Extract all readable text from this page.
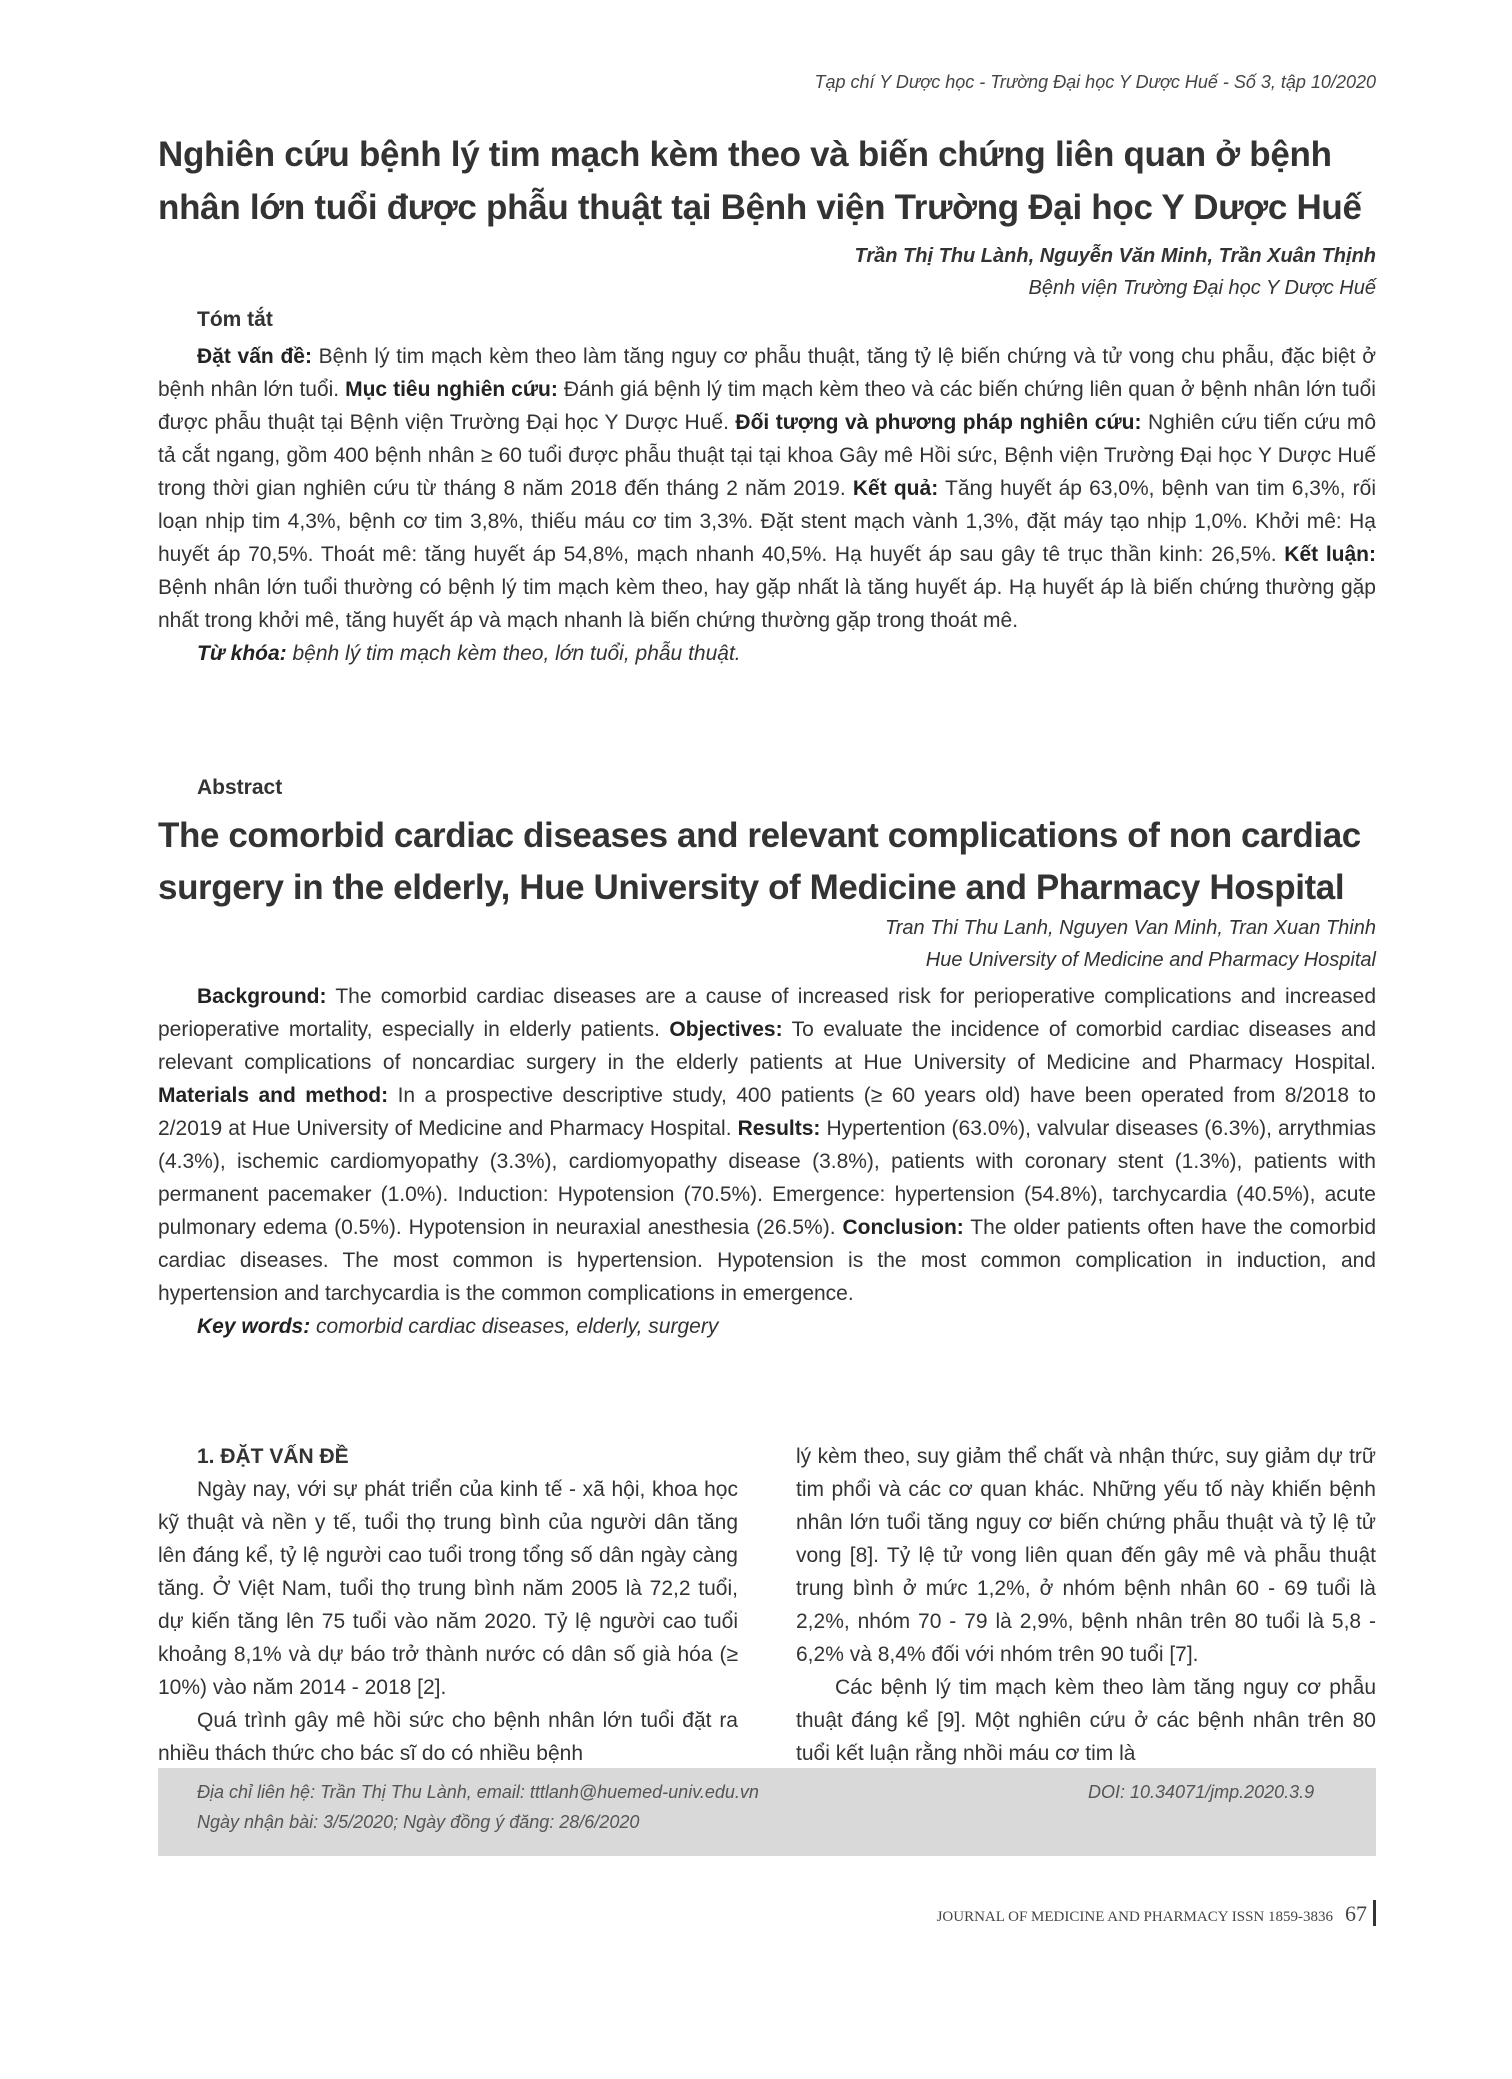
Tạp chí Y Dược học - Trường Đại học Y Dược Huế - Số 3, tập 10/2020
Nghiên cứu bệnh lý tim mạch kèm theo và biến chứng liên quan ở bệnh nhân lớn tuổi được phẫu thuật tại Bệnh viện Trường Đại học Y Dược Huế
Trần Thị Thu Lành, Nguyễn Văn Minh, Trần Xuân Thịnh
Bệnh viện Trường Đại học Y Dược Huế
Tóm tắt

Đặt vấn đề: Bệnh lý tim mạch kèm theo làm tăng nguy cơ phẫu thuật, tăng tỷ lệ biến chứng và tử vong chu phẫu, đặc biệt ở bệnh nhân lớn tuổi. Mục tiêu nghiên cứu: Đánh giá bệnh lý tim mạch kèm theo và các biến chứng liên quan ở bệnh nhân lớn tuổi được phẫu thuật tại Bệnh viện Trường Đại học Y Dược Huế. Đối tượng và phương pháp nghiên cứu: Nghiên cứu tiến cứu mô tả cắt ngang, gồm 400 bệnh nhân ≥ 60 tuổi được phẫu thuật tại tại khoa Gây mê Hồi sức, Bệnh viện Trường Đại học Y Dược Huế trong thời gian nghiên cứu từ tháng 8 năm 2018 đến tháng 2 năm 2019. Kết quả: Tăng huyết áp 63,0%, bệnh van tim 6,3%, rối loạn nhịp tim 4,3%, bệnh cơ tim 3,8%, thiếu máu cơ tim 3,3%. Đặt stent mạch vành 1,3%, đặt máy tạo nhịp 1,0%. Khởi mê: Hạ huyết áp 70,5%. Thoát mê: tăng huyết áp 54,8%, mạch nhanh 40,5%. Hạ huyết áp sau gây tê trục thần kinh: 26,5%. Kết luận: Bệnh nhân lớn tuổi thường có bệnh lý tim mạch kèm theo, hay gặp nhất là tăng huyết áp. Hạ huyết áp là biến chứng thường gặp nhất trong khởi mê, tăng huyết áp và mạch nhanh là biến chứng thường gặp trong thoát mê.

Từ khóa: bệnh lý tim mạch kèm theo, lớn tuổi, phẫu thuật.

Abstract
The comorbid cardiac diseases and relevant complications of non cardiac surgery in the elderly, Hue University of Medicine and Pharmacy Hospital
Tran Thi Thu Lanh, Nguyen Van Minh, Tran Xuan Thinh
Hue University of Medicine and Pharmacy Hospital

Background: The comorbid cardiac diseases are a cause of increased risk for perioperative complications and increased perioperative mortality, especially in elderly patients. Objectives: To evaluate the incidence of comorbid cardiac diseases and relevant complications of noncardiac surgery in the elderly patients at Hue University of Medicine and Pharmacy Hospital. Materials and method: In a prospective descriptive study, 400 patients (≥ 60 years old) have been operated from 8/2018 to 2/2019 at Hue University of Medicine and Pharmacy Hospital. Results: Hypertention (63.0%), valvular diseases (6.3%), arrythmias (4.3%), ischemic cardiomyopathy (3.3%), cardiomyopathy disease (3.8%), patients with coronary stent (1.3%), patients with permanent pacemaker (1.0%). Induction: Hypotension (70.5%). Emergence: hypertension (54.8%), tarchycardia (40.5%), acute pulmonary edema (0.5%). Hypotension in neuraxial anesthesia (26.5%). Conclusion: The older patients often have the comorbid cardiac diseases. The most common is hypertension. Hypotension is the most common complication in induction, and hypertension and tarchycardia is the common complications in emergence.

Key words: comorbid cardiac diseases, elderly, surgery

1. ĐẶT VẤN ĐỀ

Ngày nay, với sự phát triển của kinh tế - xã hội, khoa học kỹ thuật và nền y tế, tuổi thọ trung bình của người dân tăng lên đáng kể, tỷ lệ người cao tuổi trong tổng số dân ngày càng tăng. Ở Việt Nam, tuổi thọ trung bình năm 2005 là 72,2 tuổi, dự kiến tăng lên 75 tuổi vào năm 2020. Tỷ lệ người cao tuổi khoảng 8,1% và dự báo trở thành nước có dân số già hóa (≥ 10%) vào năm 2014 - 2018 [2].

Quá trình gây mê hồi sức cho bệnh nhân lớn tuổi đặt ra nhiều thách thức cho bác sĩ do có nhiều bệnh

lý kèm theo, suy giảm thể chất và nhận thức, suy giảm dự trữ tim phổi và các cơ quan khác. Những yếu tố này khiến bệnh nhân lớn tuổi tăng nguy cơ biến chứng phẫu thuật và tỷ lệ tử vong [8]. Tỷ lệ tử vong liên quan đến gây mê và phẫu thuật trung bình ở mức 1,2%, ở nhóm bệnh nhân 60 - 69 tuổi là 2,2%, nhóm 70 - 79 là 2,9%, bệnh nhân trên 80 tuổi là 5,8 - 6,2% và 8,4% đối với nhóm trên 90 tuổi [7].

Các bệnh lý tim mạch kèm theo làm tăng nguy cơ phẫu thuật đáng kể [9]. Một nghiên cứu ở các bệnh nhân trên 80 tuổi kết luận rằng nhồi máu cơ tim là

Địa chỉ liên hệ: Trần Thị Thu Lành, email: tttlanh@huemed-univ.edu.vn
Ngày nhận bài: 3/5/2020; Ngày đồng ý đăng: 28/6/2020
DOI: 10.34071/jmp.2020.3.9
JOURNAL OF MEDICINE AND PHARMACY ISSN 1859-3836 67
